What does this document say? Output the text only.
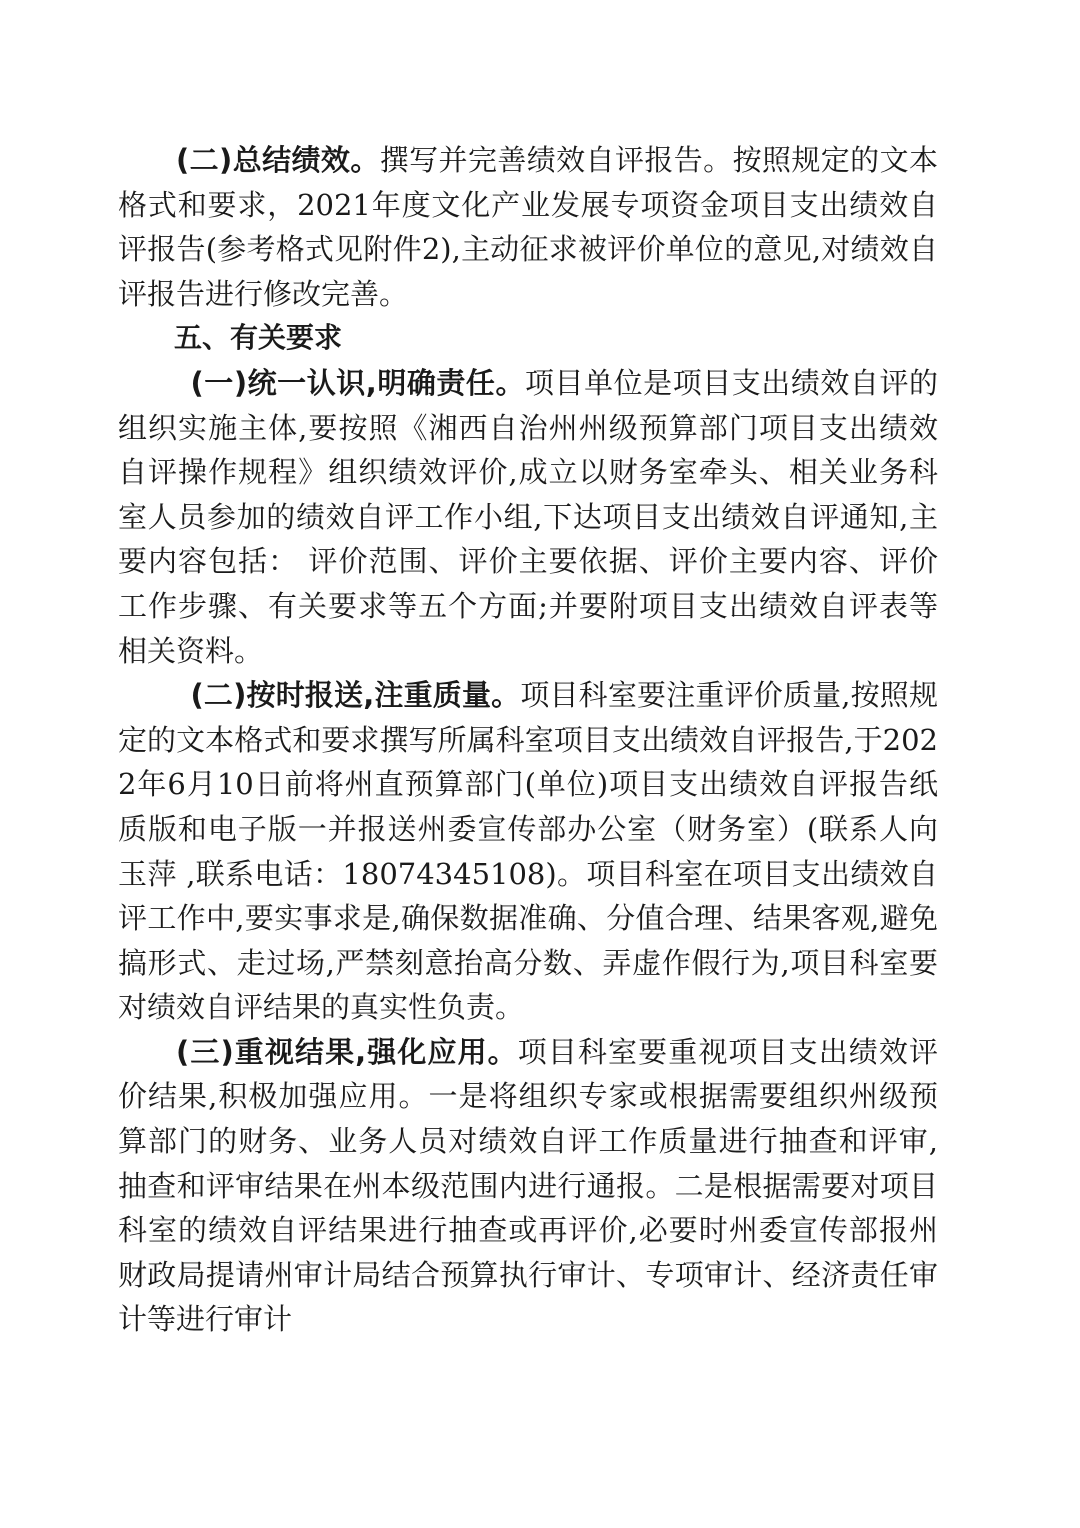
(二)总结绩效。撰写并完善绩效自评报告。按照规定的文本格式和要求，2021年度文化产业发展专项资金项目支出绩效自评报告(参考格式见附件2),主动征求被评价单位的意见,对绩效自评报告进行修改完善。

五、有关要求

(一)统一认识,明确责任。项目单位是项目支出绩效自评的组织实施主体,要按照《湘西自治州州级预算部门项目支出绩效自评操作规程》组织绩效评价,成立以财务室牵头、相关业务科室人员参加的绩效自评工作小组,下达项目支出绩效自评通知,主要内容包括： 评价范围、评价主要依据、评价主要内容、评价工作步骤、有关要求等五个方面;并要附项目支出绩效自评表等相关资料。

(二)按时报送,注重质量。项目科室要注重评价质量,按照规定的文本格式和要求撰写所属科室项目支出绩效自评报告,于2022年6月10日前将州直预算部门(单位)项目支出绩效自评报告纸质版和电子版一并报送州委宣传部办公室（财务室）(联系人向玉萍 ,联系电话：18074345108)。项目科室在项目支出绩效自评工作中,要实事求是,确保数据准确、分值合理、结果客观,避免搞形式、走过场,严禁刻意抬高分数、弄虚作假行为,项目科室要对绩效自评结果的真实性负责。

(三)重视结果,强化应用。项目科室要重视项目支出绩效评价结果,积极加强应用。一是将组织专家或根据需要组织州级预算部门的财务、业务人员对绩效自评工作质量进行抽查和评审,抽查和评审结果在州本级范围内进行通报。二是根据需要对项目科室的绩效自评结果进行抽查或再评价,必要时州委宣传部报州财政局提请州审计局结合预算执行审计、专项审计、经济责任审计等进行审计
